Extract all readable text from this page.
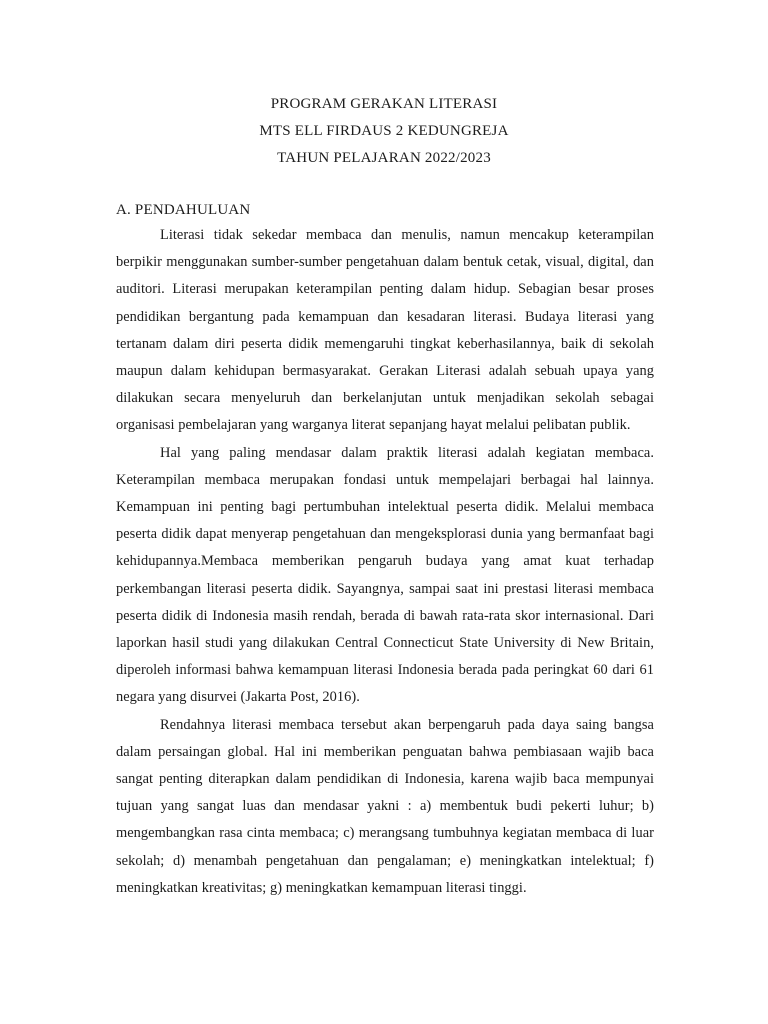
PROGRAM GERAKAN LITERASI
MTS ELL FIRDAUS 2 KEDUNGREJA
TAHUN PELAJARAN 2022/2023
A. PENDAHULUAN

Literasi tidak sekedar membaca dan menulis, namun mencakup keterampilan berpikir menggunakan sumber-sumber pengetahuan dalam bentuk cetak, visual, digital, dan auditori. Literasi merupakan keterampilan penting dalam hidup. Sebagian besar proses pendidikan bergantung pada kemampuan dan kesadaran literasi. Budaya literasi yang tertanam dalam diri peserta didik memengaruhi tingkat keberhasilannya, baik di sekolah maupun dalam kehidupan bermasyarakat. Gerakan Literasi adalah sebuah upaya yang dilakukan secara menyeluruh dan berkelanjutan untuk menjadikan sekolah sebagai organisasi pembelajaran yang warganya literat sepanjang hayat melalui pelibatan publik.

Hal yang paling mendasar dalam praktik literasi adalah kegiatan membaca. Keterampilan membaca merupakan fondasi untuk mempelajari berbagai hal lainnya. Kemampuan ini penting bagi pertumbuhan intelektual peserta didik. Melalui membaca peserta didik dapat menyerap pengetahuan dan mengeksplorasi dunia yang bermanfaat bagi kehidupannya.Membaca memberikan pengaruh budaya yang amat kuat terhadap perkembangan literasi peserta didik. Sayangnya, sampai saat ini prestasi literasi membaca peserta didik di Indonesia masih rendah, berada di bawah rata-rata skor internasional. Dari laporkan hasil studi yang dilakukan Central Connecticut State University di New Britain, diperoleh informasi bahwa kemampuan literasi Indonesia berada pada peringkat 60 dari 61 negara yang disurvei (Jakarta Post, 2016).

Rendahnya literasi membaca tersebut akan berpengaruh pada daya saing bangsa dalam persaingan global. Hal ini memberikan penguatan bahwa pembiasaan wajib baca sangat penting diterapkan dalam pendidikan di Indonesia, karena wajib baca mempunyai tujuan yang sangat luas dan mendasar yakni : a) membentuk budi pekerti luhur; b) mengembangkan rasa cinta membaca; c) merangsang tumbuhnya kegiatan membaca di luar sekolah; d) menambah pengetahuan dan pengalaman; e) meningkatkan intelektual; f) meningkatkan kreativitas; g) meningkatkan kemampuan literasi tinggi.
